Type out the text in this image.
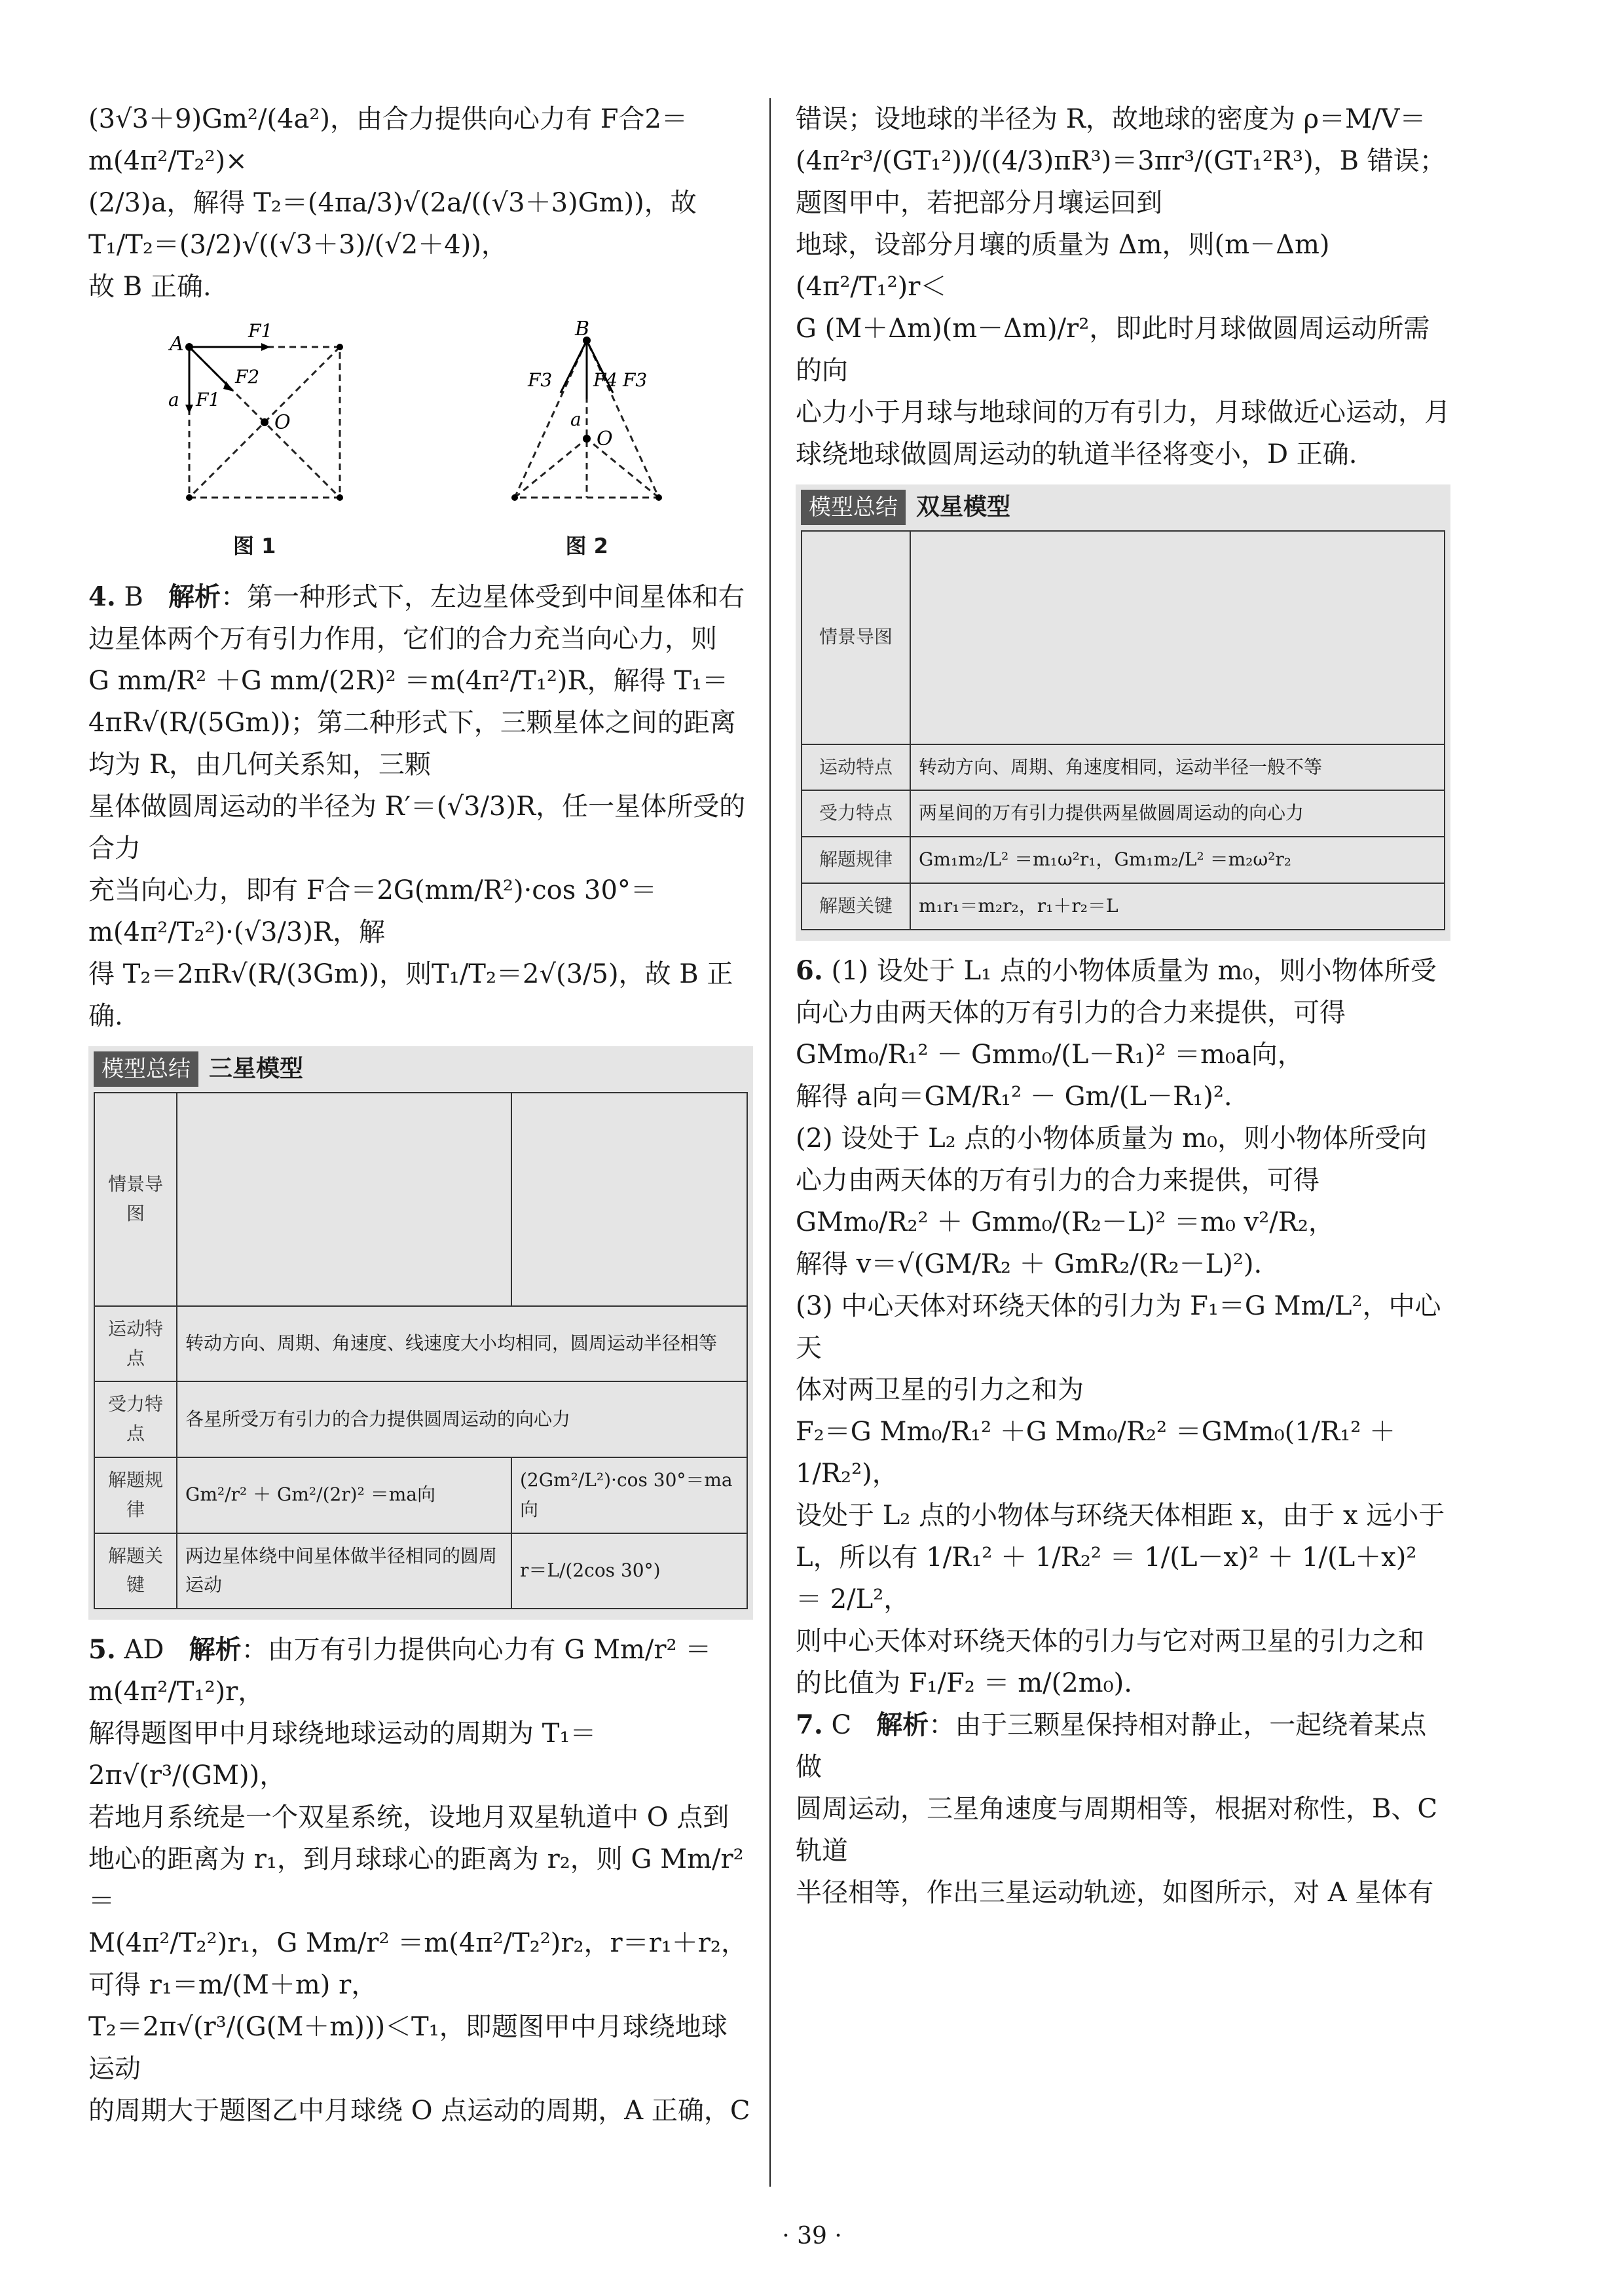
(3√3＋9)Gm²/(4a²)，由合力提供向心力有 F合2＝m(4π²/T₂²)×

(2/3)a，解得 T₂＝(4πa/3)√(2a/((√3＋3)Gm))，故 T₁/T₂＝(3/2)√((√3＋3)/(√2＋4))，

故 B 正确.

A
F1
F2
a F1
O
图 1
B
F3 F4 F3
a
O
图 2

4. B 解析：第一种形式下，左边星体受到中间星体和右边星体两个万有引力作用，它们的合力充当向心力，则

G mm/R² ＋G mm/(2R)² ＝m(4π²/T₁²)R，解得 T₁＝4πR√(R/(5Gm))；第二种形式下，三颗星体之间的距离均为 R，由几何关系知，三颗

星体做圆周运动的半径为 R′＝(√3/3)R，任一星体所受的合力

充当向心力，即有 F合＝2G(mm/R²)·cos 30°＝m(4π²/T₂²)·(√3/3)R，解

得 T₂＝2πR√(R/(3Gm))，则T₁/T₂＝2√(3/5)，故 B 正确.

模型总结 三星模型
情景导图		
运动特点	转动方向、周期、角速度、线速度大小均相同，圆周运动半径相等	
受力特点	各星所受万有引力的合力提供圆周运动的向心力	
解题规律	Gm²/r² ＋ Gm²/(2r)² ＝ma向	(2Gm²/L²)·cos 30°＝ma向
解题关键	两边星体绕中间星体做半径相同的圆周运动	r＝L/(2cos 30°)

5. AD 解析：由万有引力提供向心力有 G Mm/r² ＝m(4π²/T₁²)r，

解得题图甲中月球绕地球运动的周期为 T₁＝2π√(r³/(GM))，

若地月系统是一个双星系统，设地月双星轨道中 O 点到

地心的距离为 r₁，到月球球心的距离为 r₂，则 G Mm/r² ＝

M(4π²/T₂²)r₁，G Mm/r² ＝m(4π²/T₂²)r₂，r＝r₁＋r₂，可得 r₁＝m/(M＋m) r，

T₂＝2π√(r³/(G(M＋m)))＜T₁，即题图甲中月球绕地球运动

的周期大于题图乙中月球绕 O 点运动的周期，A 正确，C

错误；设地球的半径为 R，故地球的密度为 ρ＝M/V＝

(4π²r³/(GT₁²))/((4/3)πR³)＝3πr³/(GT₁²R³)，B 错误；题图甲中，若把部分月壤运回到

地球，设部分月壤的质量为 Δm，则(m－Δm)(4π²/T₁²)r＜

G (M＋Δm)(m－Δm)/r²，即此时月球做圆周运动所需的向

心力小于月球与地球间的万有引力，月球做近心运动，月

球绕地球做圆周运动的轨道半径将变小，D 正确.

模型总结 双星模型
情景导图	
运动特点	转动方向、周期、角速度相同，运动半径一般不等
受力特点	两星间的万有引力提供两星做圆周运动的向心力
解题规律	Gm₁m₂/L² ＝m₁ω²r₁，Gm₁m₂/L² ＝m₂ω²r₂
解题关键	m₁r₁＝m₂r₂，r₁＋r₂＝L

6. (1) 设处于 L₁ 点的小物体质量为 m₀，则小物体所受

向心力由两天体的万有引力的合力来提供，可得

GMm₀/R₁² － Gmm₀/(L－R₁)² ＝m₀a向，

解得 a向＝GM/R₁² － Gm/(L－R₁)².

(2) 设处于 L₂ 点的小物体质量为 m₀，则小物体所受向

心力由两天体的万有引力的合力来提供，可得

GMm₀/R₂² ＋ Gmm₀/(R₂－L)² ＝m₀ v²/R₂，

解得 v＝√(GM/R₂ ＋ GmR₂/(R₂－L)²).

(3) 中心天体对环绕天体的引力为 F₁＝G Mm/L²，中心天

体对两卫星的引力之和为

F₂＝G Mm₀/R₁² ＋G Mm₀/R₂² ＝GMm₀(1/R₁² ＋ 1/R₂²)，

设处于 L₂ 点的小物体与环绕天体相距 x，由于 x 远小于

L，所以有 1/R₁² ＋ 1/R₂² ＝ 1/(L－x)² ＋ 1/(L＋x)² ＝ 2/L²，

则中心天体对环绕天体的引力与它对两卫星的引力之和

的比值为 F₁/F₂ ＝ m/(2m₀).

7. C 解析：由于三颗星保持相对静止，一起绕着某点做

圆周运动，三星角速度与周期相等，根据对称性，B、C 轨道

半径相等，作出三星运动轨迹，如图所示，对 A 星体有

· 39 ·
